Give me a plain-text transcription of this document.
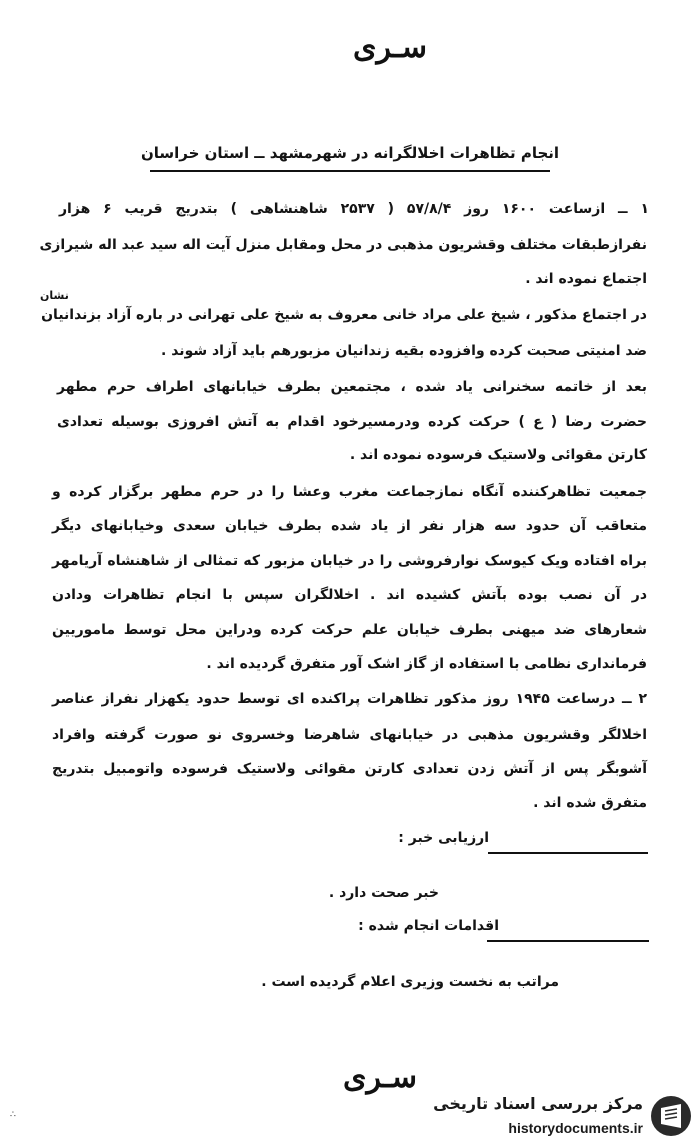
سـری
انجام تظاهرات اخلالگرانه در شهرمشهد ــ استان خراسان
۱ ــ ازساعت ۱۶۰۰ روز ۵۷/۸/۴ ( ۲۵۳۷ شاهنشاهی ) بتدریج قریب ۶ هزار
نفرازطبقات مختلف وقشریون مذهبی در محل ومقابل منزل آیت اله سید عبد اله شیرازی
اجتماع نموده اند .
نشان
در اجتماع مذکور ، شیخ علی مراد خانی معروف به شیخ علی تهرانی در باره آزاد بزندانیان
ضد امنیتی صحبت کرده وافزوده بقیه زندانیان مزبورهم باید آزاد شوند .
بعد از خاتمه سخنرانی یاد شده ، مجتمعین بطرف خیابانهای اطراف حرم مطهر
حضرت رضا ( ع ) حرکت کرده ودرمسیرخود اقدام به آتش افروزی بوسیله تعدادی
کارتن مقوائی ولاستیک فرسوده نموده اند .
جمعیت تظاهرکننده آنگاه نمازجماعت مغرب وعشا را در حرم مطهر برگزار کرده و
متعاقب آن حدود سه هزار نفر از یاد شده بطرف خیابان سعدی وخیابانهای دیگر
براه افتاده ویک کیوسک نوارفروشی را در خیابان مزبور که تمثالی از شاهنشاه آریامهر
در آن نصب بوده بآتش کشیده اند . اخلالگران سپس با انجام تظاهرات ودادن
شعارهای ضد میهنی بطرف خیابان علم حرکت کرده ودراین محل توسط ماموریین
فرمانداری نظامی با استفاده از گاز اشک آور متفرق گردیده اند .
۲ ــ درساعت ۱۹۴۵ روز مذکور تظاهرات پراکنده ای توسط حدود یکهزار نفراز عناصر
اخلالگر وقشریون مذهبی در خیابانهای شاهرضا وخسروی نو صورت گرفته وافراد
آشوبگر پس از آتش زدن تعدادی کارتن مقوائی ولاستیک فرسوده واتومبیل بتدریج
متفرق شده اند .
ارزیابی خبر :
خبر صحت دارد .
اقدامات انجام شده :
مراتب به نخست وزیری اعلام گردیده است .
سـری
∴
مرکز بررسی اسناد تاریخی
historydocuments.ir
